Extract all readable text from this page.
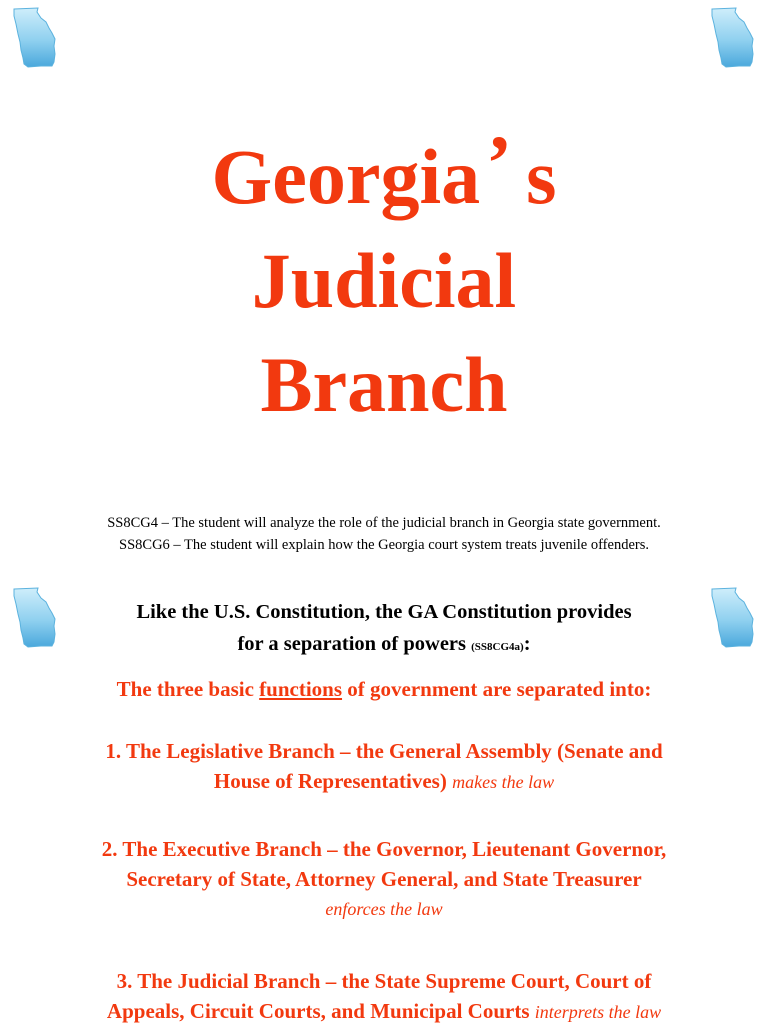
Georgia’ s
Judicial
Branch
SS8CG4 – The student will analyze the role of the judicial branch in Georgia state government.
SS8CG6 – The student will explain how the Georgia court system treats juvenile offenders.
Like the U.S. Constitution, the GA Constitution provides
for a separation of powers (SS8CG4a):
The three basic functions of government are separated into:
1. The Legislative Branch – the General Assembly (Senate and
House of Representatives) makes the law
2. The Executive Branch – the Governor, Lieutenant Governor,
Secretary of State, Attorney General, and State Treasurer
enforces the law
3. The Judicial Branch – the State Supreme Court, Court of
Appeals, Circuit Courts, and Municipal Courts interprets the law
